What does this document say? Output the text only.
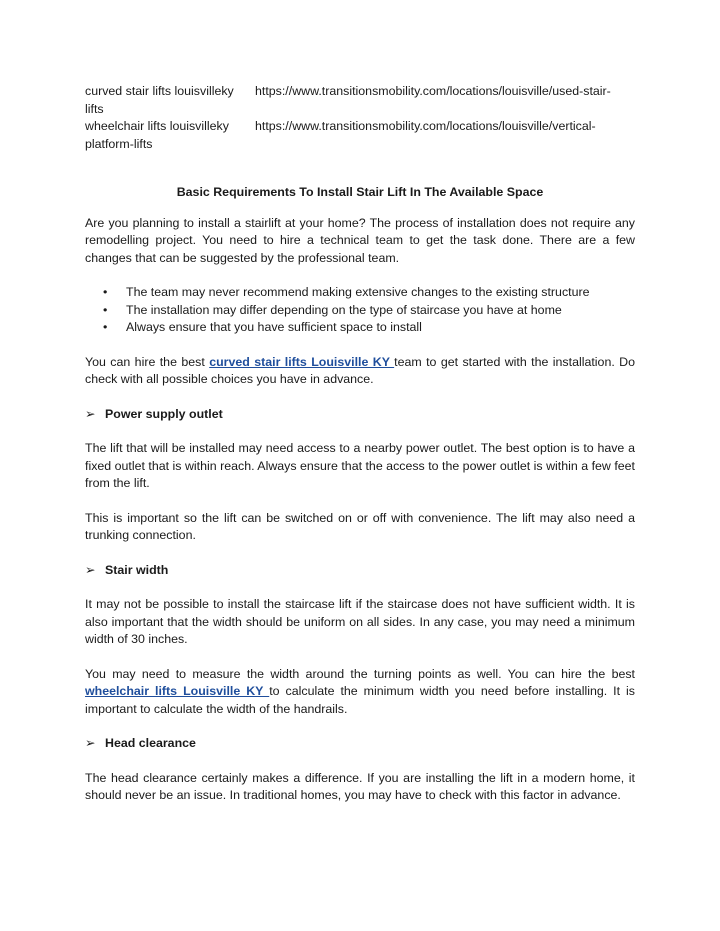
curved stair lifts louisvilleky	https://www.transitionsmobility.com/locations/louisville/used-stair-
lifts
wheelchair lifts louisvilleky	https://www.transitionsmobility.com/locations/louisville/vertical-
platform-lifts
Basic Requirements To Install Stair Lift In The Available Space

Are you planning to install a stairlift at your home? The process of installation does not require any remodelling project. You need to hire a technical team to get the task done. There are a few changes that can be suggested by the professional team.

• The team may never recommend making extensive changes to the existing structure
• The installation may differ depending on the type of staircase you have at home
• Always ensure that you have sufficient space to install

You can hire the best curved stair lifts Louisville KY team to get started with the installation. Do check with all possible choices you have in advance.

➢ Power supply outlet

The lift that will be installed may need access to a nearby power outlet. The best option is to have a fixed outlet that is within reach. Always ensure that the access to the power outlet is within a few feet from the lift.

This is important so the lift can be switched on or off with convenience. The lift may also need a trunking connection.

➢ Stair width

It may not be possible to install the staircase lift if the staircase does not have sufficient width. It is also important that the width should be uniform on all sides. In any case, you may need a minimum width of 30 inches.

You may need to measure the width around the turning points as well. You can hire the best wheelchair lifts Louisville KY to calculate the minimum width you need before installing. It is important to calculate the width of the handrails.

➢ Head clearance

The head clearance certainly makes a difference. If you are installing the lift in a modern home, it should never be an issue. In traditional homes, you may have to check with this factor in advance.
